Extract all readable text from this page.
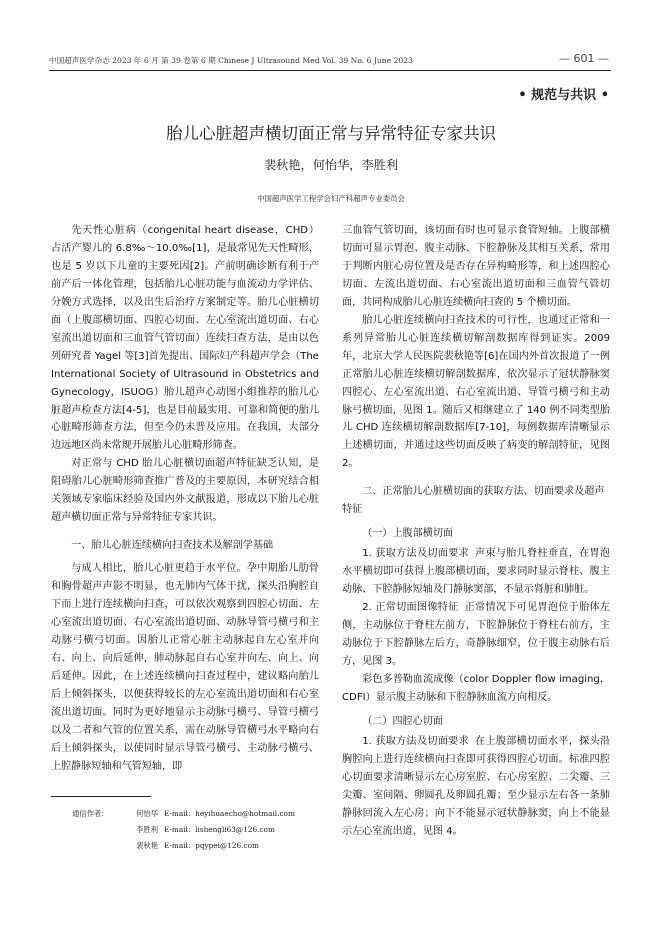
中国超声医学杂志 2023 年 6 月 第 39 卷第 6 期 Chinese J Ultrasound Med Vol. 39 No. 6 June 2023	— 601 —
• 规范与共识 •
胎儿心脏超声横切面正常与异常特征专家共识
裴秋艳，何怡华，李胜利
中国超声医学工程学会妇产科超声专业委员会

先天性心脏病（congenital heart disease，CHD）占活产婴儿的 6.8‰～10.0‰[1]，是最常见先天性畸形，也是 5 岁以下儿童的主要死因[2]。产前明确诊断有利于产前产后一体化管理，包括胎儿心脏功能与血流动力学评估、分娩方式选择，以及出生后治疗方案制定等。胎儿心脏横切面（上腹部横切面、四腔心切面、左心室流出道切面、右心室流出道切面和三血管气管切面）连续扫查方法，是由以色列研究者 Yagel 等[3]首先提出、国际妇产科超声学会（The International Society of Ultrasound in Obstetrics and Gynecology，ISUOG）胎儿超声心动图小组推荐的胎儿心脏超声检查方法[4-5]，也是目前最实用、可靠和简便的胎儿心脏畸形筛查方法，但至今仍未普及应用。在我国，大部分边远地区尚未常规开展胎儿心脏畸形筛查。

对正常与 CHD 胎儿心脏横切面超声特征缺乏认知，是阻碍胎儿心脏畸形筛查推广普及的主要原因，本研究结合相关领域专家临床经验及国内外文献报道，形成以下胎儿心脏超声横切面正常与异常特征专家共识。

一、胎儿心脏连续横向扫查技术及解剖学基础

与成人相比，胎儿心脏更趋于水平位。孕中期胎儿肋骨和胸骨超声声影不明显，也无肺内气体干扰，探头沿胸腔自下而上进行连续横向扫查，可以依次观察到四腔心切面、左心室流出道切面、右心室流出道切面、动脉导管弓横弓和主动脉弓横弓切面。因胎儿正常心脏主动脉起自左心室并向右、向上、向后延伸，肺动脉起自右心室并向左、向上、向后延伸。因此，在上述连续横向扫查过程中，建议略向胎儿后上倾斜探头，以便获得较长的左心室流出道切面和右心室流出道切面。同时为更好地显示主动脉弓横弓、导管弓横弓以及二者和气管的位置关系，需在动脉导管横弓水平略向右后上倾斜探头，以使同时显示导管弓横弓、主动脉弓横弓、上腔静脉短轴和气管短轴，即

三血管气管切面，该切面有时也可显示食管短轴。上腹部横切面可显示胃泡、腹主动脉、下腔静脉及其相互关系，常用于判断内脏心房位置及是否存在异构畸形等，和上述四腔心切面、左流出道切面、右心室流出道切面和三血管气管切面，共同构成胎儿心脏连续横向扫查的 5 个横切面。

胎儿心脏连续横向扫查技术的可行性，也通过正常和一系列异常胎儿心脏连续横切解剖数据库得到证实。2009 年，北京大学人民医院裴秋艳等[6]在国内外首次报道了一例正常胎儿心脏连续横切解剖数据库，依次显示了冠状静脉窦四腔心、左心室流出道、右心室流出道、导管弓横弓和主动脉弓横切面，见图 1。随后又相继建立了 140 例不同类型胎儿 CHD 连续横切解剖数据库[7-10]，每例数据库清晰显示上述横切面，并通过这些切面反映了病变的解剖特征，见图 2。

二、正常胎儿心脏横切面的获取方法、切面要求及超声特征
（一）上腹部横切面

1. 获取方法及切面要求 声束与胎儿脊柱垂直，在胃泡水平横切即可获得上腹部横切面，要求同时显示脊柱、腹主动脉、下腔静脉短轴及门静脉窦部，不显示肾脏和肺脏。

2. 正常切面图像特征 正常情况下可见胃泡位于胎体左侧，主动脉位于脊柱左前方，下腔静脉位于脊柱右前方，主动脉位于下腔静脉左后方，奇静脉细窄，位于腹主动脉右后方，见图 3。

彩色多普勒血流成像（color Doppler flow imaging，CDFI）显示腹主动脉和下腔静脉血流方向相反。

（二）四腔心切面

1. 获取方法及切面要求 在上腹部横切面水平，探头沿胸腔向上进行连续横向扫查即可获得四腔心切面。标准四腔心切面要求清晰显示左心房室腔、右心房室腔、二尖瓣、三尖瓣、室间隔、卵圆孔及卵圆孔瓣；至少显示左右各一条肺静脉回流入左心房；向下不能显示冠状静脉窦，向上不能显示左心室流出道，见图 4。

通信作者：	何怡华 E-mail：heyihuaecho@hotmail.com
李胜利 E-mail：lishengli63@126.com
裴秋艳 E-mail：pqypei@126.com
